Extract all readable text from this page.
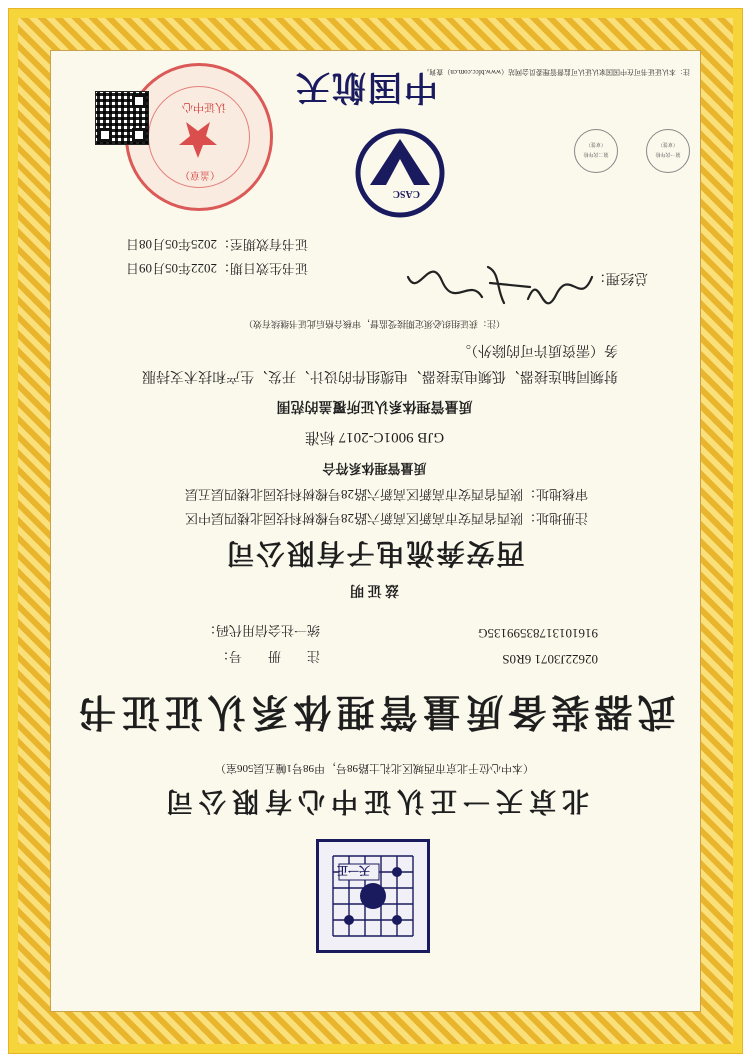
天一正
北京天一正认证中心有限公司
（本中心位于北京市西城区北礼士路98号，甲98号1幢五层506室）
武器装备质量管理体系认证证书
注　　册　　号：	02622J3071 6R0S
统一社会信用代码：	91610131783599135G
兹 证 明
西安奔流电子有限公司
注册地址：陕西省西安市高新区高新六路28号橡树科技园北楼四层中区
审核地址：陕西省西安市高新区高新六路28号橡树科技园北楼四层五层
质量管理体系符合
GJB 9001C-2017 标准
质量管理体系认证所覆盖的范围
射频同轴连接器、低频电连接器、电缆组件的设计、开发、生产和技术支持服
务（需资质许可的除外）。
（注：获证组织必须定期接受监督，审核合格后此证书继续有效）
总经理：
证书生效日期：2022年05月09日
证书有效期至：2025年05月08日
CASC
中国航天
认证中心
（盖章）
第一次年检
（章签）
第二次年检
（章签）
注：本认证证书可在中国国家认证认可监督管理委员会网站（www.bfcc.com.cn）查询。
